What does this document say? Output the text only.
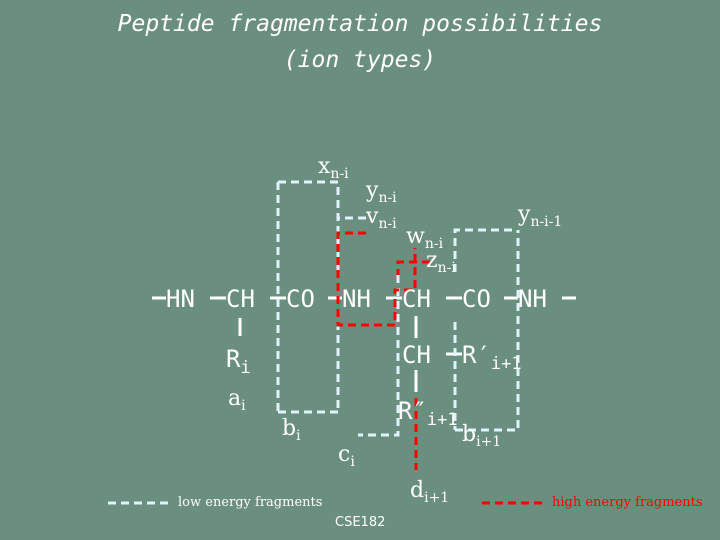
Peptide fragmentation possibilities
(ion types)
HN CH CO NH CH CO NH
$R_i$	CH $R'_{i+1}$
$R''_{i+1}$
$x_{n-i}$
$y_{n-i}$
$v_{n-i}$ $w_{n-i}$
$z_{n-i}$
$y_{n-i-1}$
$a_i$
$b_i$
$c_i$
$b_{i+1}$
$d_{i+1}$
low energy fragments	high energy fragments
CSE182
